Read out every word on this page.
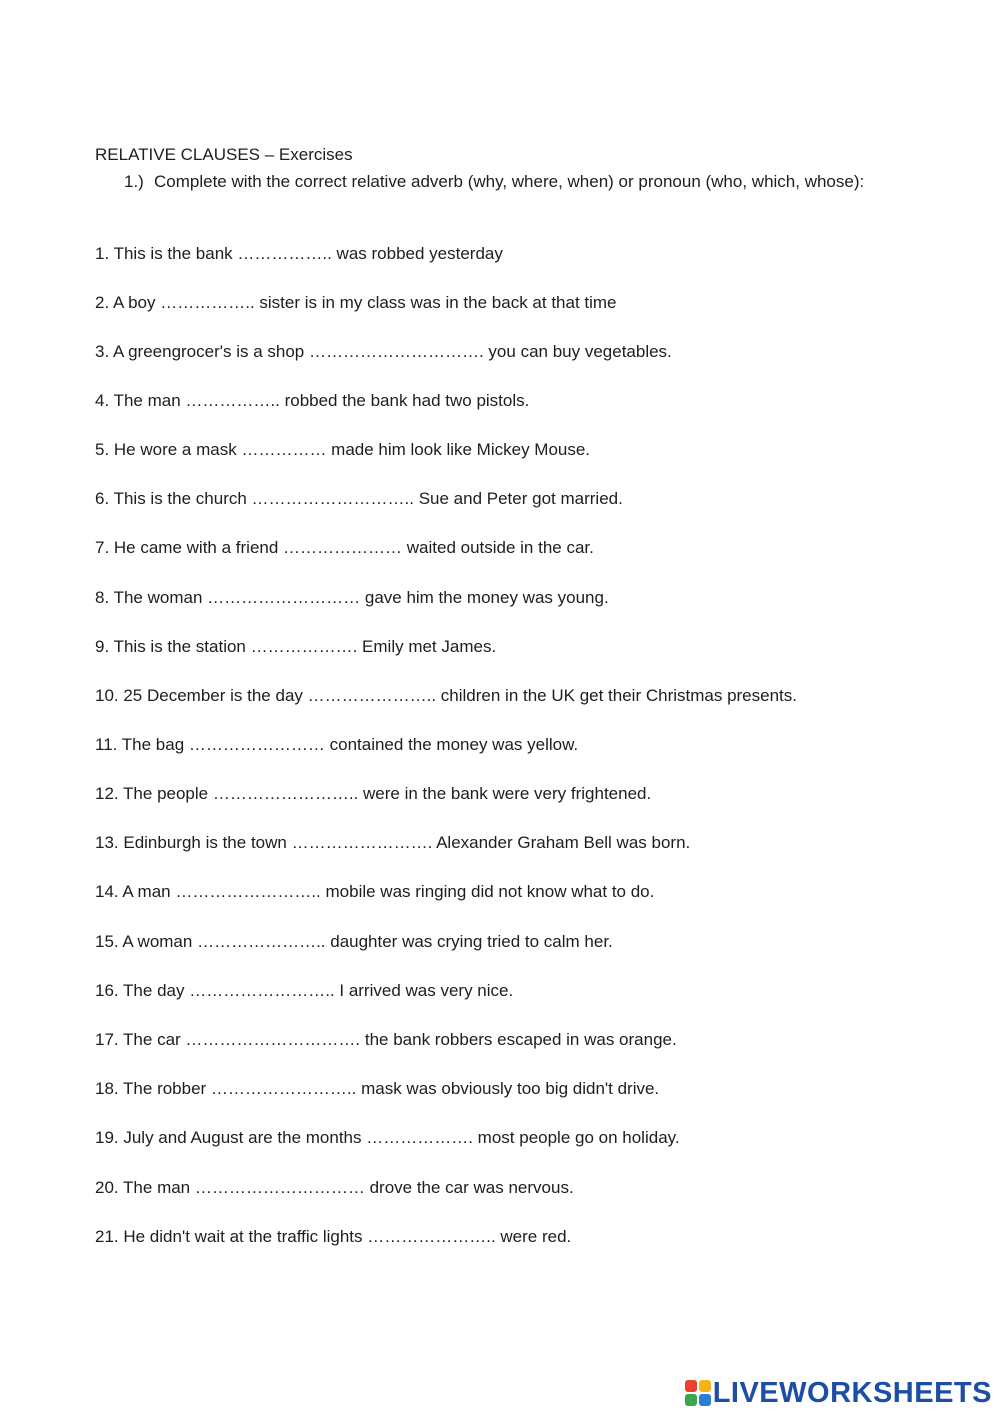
RELATIVE CLAUSES – Exercises
1.) Complete with the correct relative adverb (why, where, when) or pronoun (who, which, whose):
1. This is the bank …………….. was robbed yesterday
2. A boy …………….. sister is in my class was in the back at that time
3. A greengrocer's is a shop …………………………. you can buy vegetables.
4. The man …………….. robbed the bank had two pistols.
5. He wore a mask …………… made him look like Mickey Mouse.
6. This is the church ……………………….. Sue and Peter got married.
7. He came with a friend ………………… waited outside in the car.
8. The woman ……………………… gave him the money was young.
9. This is the station ………………. Emily met James.
10. 25 December is the day ………………….. children in the UK get their Christmas presents.
11. The bag …………………… contained the money was yellow.
12. The people …………………….. were in the bank were very frightened.
13. Edinburgh is the town ……………………. Alexander Graham Bell was born.
14. A man …………………….. mobile was ringing did not know what to do.
15. A woman ………………….. daughter was crying tried to calm her.
16. The day …………………….. I arrived was very nice.
17. The car …………………………. the bank robbers escaped in was orange.
18. The robber …………………….. mask was obviously too big didn't drive.
19. July and August are the months ………………. most people go on holiday.
20. The man ………………………… drove the car was nervous.
21. He didn't wait at the traffic lights ………………….. were red.
LIVEWORKSHEETS
